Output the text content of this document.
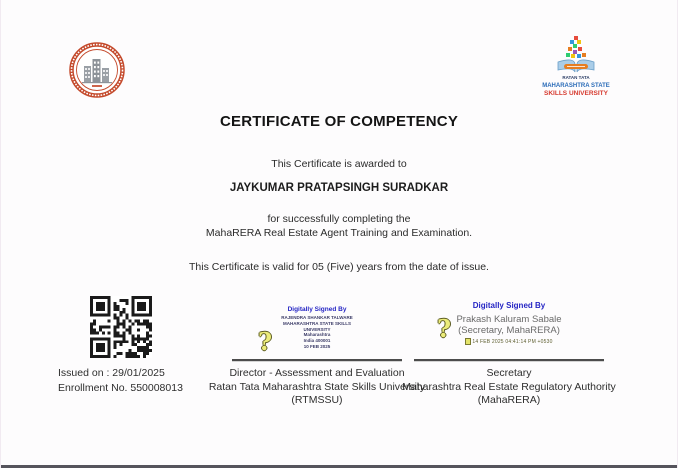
RATAN TATA
MAHARASHTRA STATE
SKILLS UNIVERSITY
CERTIFICATE OF COMPETENCY
This Certificate is awarded to
JAYKUMAR PRATAPSINGH SURADKAR
for successfully completing the
MahaRERA Real Estate Agent Training and Examination.
This Certificate is valid for 05 (Five) years from the date of issue.
Issued on : 29/01/2025
Enrollment No. 550008013
Digitally Signed By
RAJENDRA SHANKAR TALWARE
MAHARASHTRA STATE SKILLS
UNIVERSITY
Maharashtra
India 400001
10 FEB 2025
?
Director - Assessment and Evaluation
Ratan Tata Maharashtra State Skills University
(RTMSSU)
Digitally Signed By
Prakash Kaluram Sabale
(Secretary, MahaRERA)
14 FEB 2025 04:41:14 PM +0530
?
Secretary
Maharashtra Real Estate Regulatory Authority
(MahaRERA)
